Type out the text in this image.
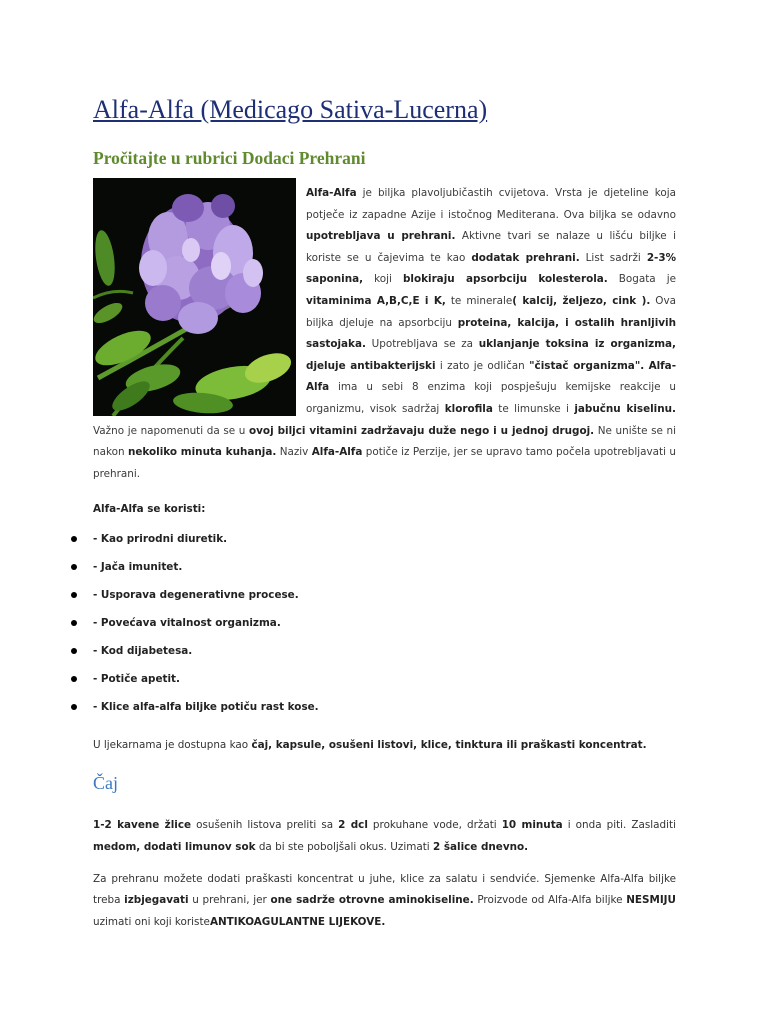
Alfa-Alfa (Medicago Sativa-Lucerna)
Pročitajte u rubrici Dodaci Prehrani

Alfa-Alfa je biljka plavoljubičastih cvijetova. Vrsta je djeteline koja potječe iz zapadne Azije i istočnog Mediterana. Ova biljka se odavno upotrebljava u prehrani. Aktivne tvari se nalaze u lišću biljke i koriste se u čajevima te kao dodatak prehrani. List sadrži 2-3% saponina, koji blokiraju apsorbciju kolesterola. Bogata je vitaminima A,B,C,E i K, te minerale( kalcij, željezo, cink ). Ova biljka djeluje na apsorbciju proteina, kalcija, i ostalih hranljivih sastojaka. Upotrebljava se za uklanjanje toksina iz organizma, djeluje antibakterijski i zato je odličan "čistač organizma". Alfa-Alfa ima u sebi 8 enzima koji pospješuju kemijske reakcije u organizmu, visok sadržaj klorofila te limunske i jabučnu kiselinu. Važno je napomenuti da se u ovoj biljci vitamini zadržavaju duže nego i u jednoj drugoj. Ne unište se ni nakon nekoliko minuta kuhanja. Naziv Alfa-Alfa potiče iz Perzije, jer se upravo tamo počela upotrebljavati u prehrani.

Alfa-Alfa se koristi:

- Kao prirodni diuretik.
- Jača imunitet.
- Usporava degenerativne procese.
- Povećava vitalnost organizma.
- Kod dijabetesa.
- Potiče apetit.
- Klice alfa-alfa biljke potiču rast kose.

U ljekarnama je dostupna kao čaj, kapsule, osušeni listovi, klice, tinktura ili praškasti koncentrat.

Čaj

1-2 kavene žlice osušenih listova preliti sa 2 dcl prokuhane vode, držati 10 minuta i onda piti. Zasladiti medom, dodati limunov sok da bi ste poboljšali okus. Uzimati 2 šalice dnevno.

Za prehranu možete dodati praškasti koncentrat u juhe, klice za salatu i sendviće. Sjemenke Alfa-Alfa biljke treba izbjegavati u prehrani, jer one sadrže otrovne aminokiseline. Proizvode od Alfa-Alfa biljke NESMIJU uzimati oni koji koristeANTIKOAGULANTNE LIJEKOVE.
